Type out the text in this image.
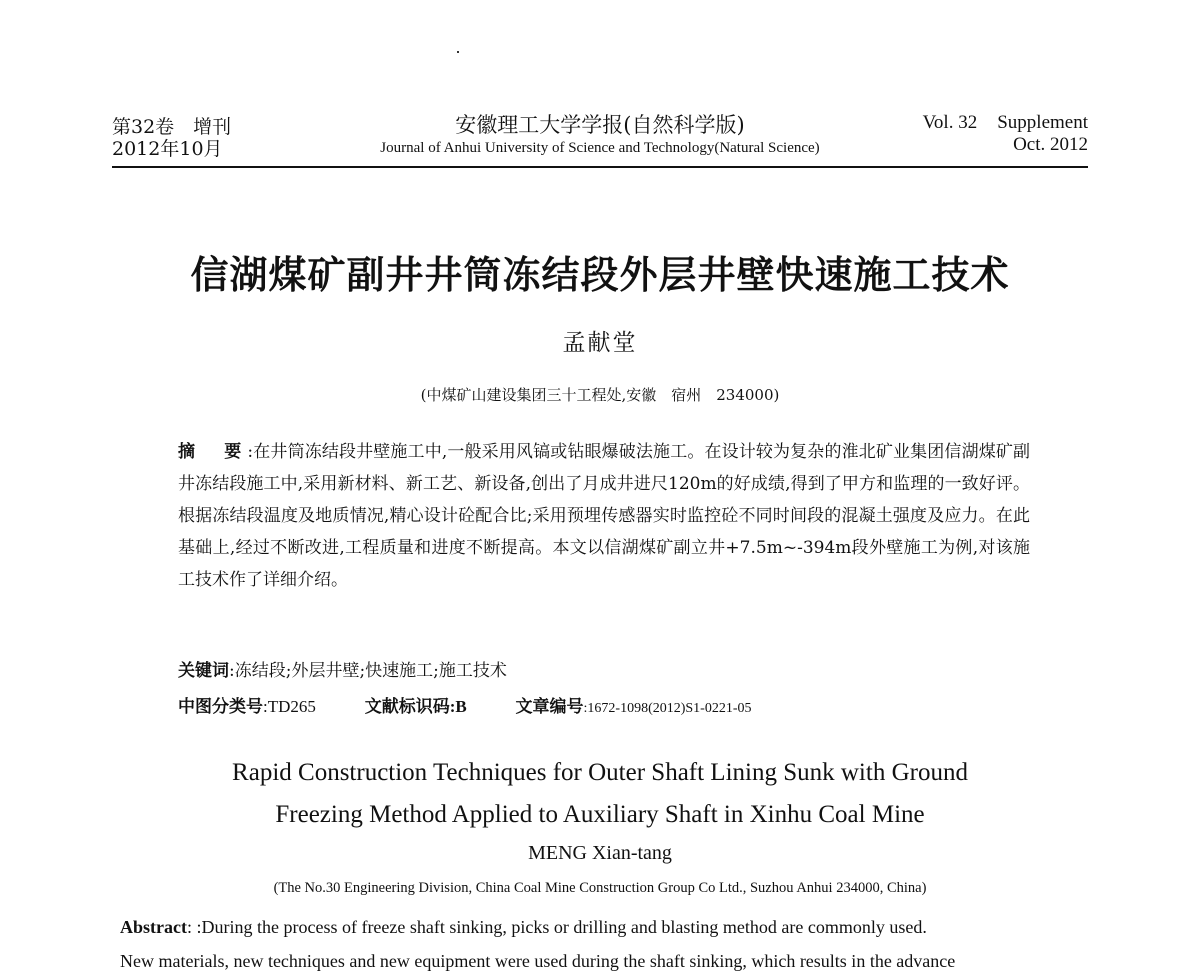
第32卷　增刊
2012年10月
安徽理工大学学报(自然科学版)
Journal of Anhui University of Science and Technology(Natural Science)
Vol. 32 Supplement
Oct. 2012
信湖煤矿副井井筒冻结段外层井壁快速施工技术
孟献堂
(中煤矿山建设集团三十工程处,安徽　宿州　234000)
摘　要:在井筒冻结段井壁施工中,一般采用风镐或钻眼爆破法施工。在设计较为复杂的淮北矿业集团信湖煤矿副井冻结段施工中,采用新材料、新工艺、新设备,创出了月成井进尺120m的好成绩,得到了甲方和监理的一致好评。根据冻结段温度及地质情况,精心设计砼配合比;采用预埋传感器实时监控砼不同时间段的混凝土强度及应力。在此基础上,经过不断改进,工程质量和进度不断提高。本文以信湖煤矿副立井+7.5m~-394m段外壁施工为例,对该施工技术作了详细介绍。
关键词:冻结段;外层井壁;快速施工;施工技术
中图分类号:TD265	文献标识码:B	文章编号:1672-1098(2012)S1-0221-05
Rapid Construction Techniques for Outer Shaft Lining Sunk with Ground
Freezing Method Applied to Auxiliary Shaft in Xinhu Coal Mine
MENG Xian-tang
(The No.30 Engineering Division, China Coal Mine Construction Group Co Ltd., Suzhou Anhui 234000, China)
Abstract: :During the process of freeze shaft sinking, picks or drilling and blasting method are commonly used.
New materials, new techniques and new equipment were used during the shaft sinking, which results in the advance
